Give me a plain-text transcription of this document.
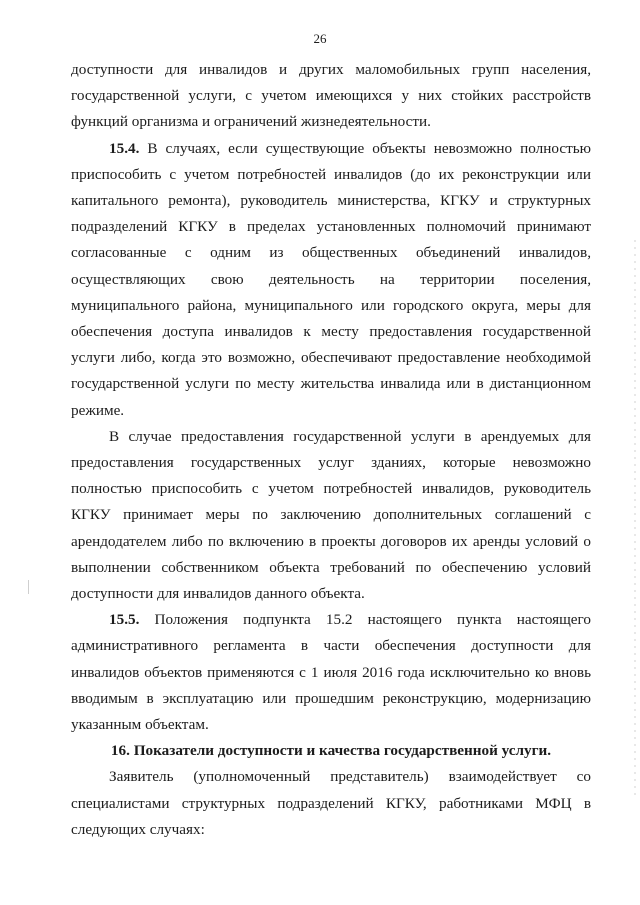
26

доступности для инвалидов и других маломобильных групп населения, государственной услуги, с учетом имеющихся у них стойких расстройств функций организма и ограничений жизнедеятельности.

15.4. В случаях, если существующие объекты невозможно полностью приспособить с учетом потребностей инвалидов (до их реконструкции или капитального ремонта), руководитель министерства, КГКУ и структурных подразделений КГКУ в пределах установленных полномочий принимают согласованные с одним из общественных объединений инвалидов, осуществляющих свою деятельность на территории поселения, муниципального района, муниципального или городского округа, меры для обеспечения доступа инвалидов к месту предоставления государственной услуги либо, когда это возможно, обеспечивают предоставление необходимой государственной услуги по месту жительства инвалида или в дистанционном режиме.

В случае предоставления государственной услуги в арендуемых для предоставления государственных услуг зданиях, которые невозможно полностью приспособить с учетом потребностей инвалидов, руководитель КГКУ принимает меры по заключению дополнительных соглашений с арендодателем либо по включению в проекты договоров их аренды условий о выполнении собственником объекта требований по обеспечению условий доступности для инвалидов данного объекта.

15.5. Положения подпункта 15.2 настоящего пункта настоящего административного регламента в части обеспечения доступности для инвалидов объектов применяются с 1 июля 2016 года исключительно ко вновь вводимым в эксплуатацию или прошедшим реконструкцию, модернизацию указанным объектам.

16. Показатели доступности и качества государственной услуги.

Заявитель (уполномоченный представитель) взаимодействует со специалистами структурных подразделений КГКУ, работниками МФЦ в следующих случаях:
